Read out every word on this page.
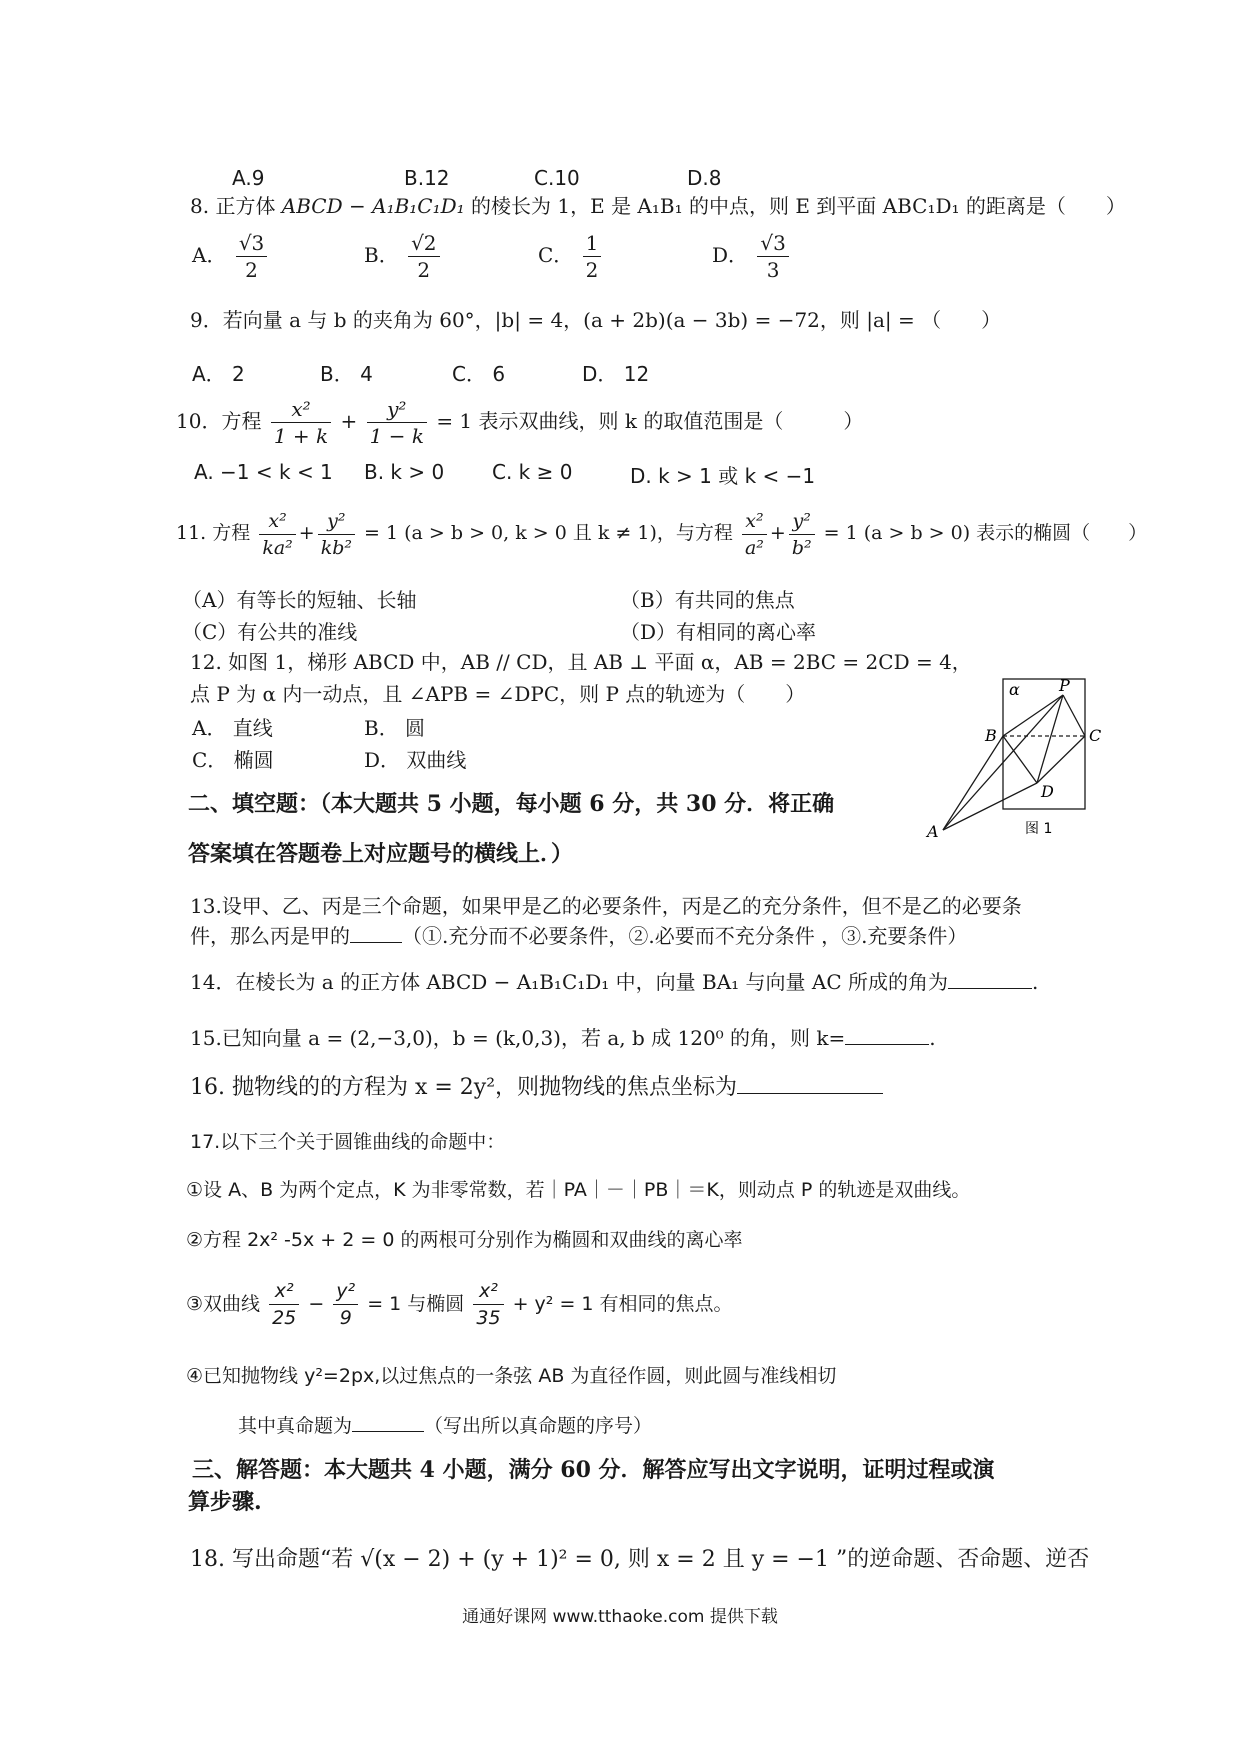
A.9	B.12	C.10	D.8
8. 正方体 ABCD − A₁B₁C₁D₁ 的棱长为 1，E 是 A₁B₁ 的中点，则 E 到平面 ABC₁D₁ 的距离是（　　）
A． $\frac{√3}{2}$	B． $\frac{√2}{2}$	C． $\frac{1}{2}$	D． $\frac{√3}{3}$
9．若向量 a 与 b 的夹角为 60°，|b| = 4，(a + 2b)(a − 3b) = −72，则 |a| = （　　）
A． 2	B． 4	C． 6	D． 12
10．方程 $\frac{\text{x²}}{1 + k} + \frac{\text{y²}}{1 - k} = 1$ 表示双曲线，则 k 的取值范围是（　　　）
A. −1 < k < 1 B. k > 0 C. k ≥ 0	D. k > 1 或 k < −1
11. 方程 $\frac{\text{x²}}{\text{ka²}} + \frac{\text{y²}}{\text{kb²}} = 1$ (a > b > 0, k > 0 且 k ≠ 1)，与方程 $\frac{\text{x²}}{\text{a²}} + \frac{\text{y²}}{\text{b²}} = 1$ (a > b > 0) 表示的椭圆（　　）
（A）有等长的短轴、长轴	（B）有共同的焦点
（C）有公共的准线	（D）有相同的离心率
12. 如图 1，梯形 ABCD 中，AB // CD，且 AB ⊥ 平面 α，AB = 2BC = 2CD = 4，
点 P 为 α 内一动点，且 ∠APB = ∠DPC，则 P 点的轨迹为（　　）
A． 直线	B． 圆
C． 椭圆	D． 双曲线
α P
B	C
D
A	图 1
二、填空题：（本大题共 5 小题，每小题 6 分，共 30 分．将正确
答案填在答题卷上对应题号的横线上．）
13.设甲、乙、丙是三个命题，如果甲是乙的必要条件，丙是乙的充分条件，但不是乙的必要条
件，那么丙是甲的	（①.充分而不必要条件，②.必要而不充分条件 ，③.充要条件）
14．在棱长为 a 的正方体 ABCD − A₁B₁C₁D₁ 中，向量 BA₁ 与向量 AC 所成的角为	.
15.已知向量 a = (2,−3,0)，b = (k,0,3)，若 a, b 成 120⁰ 的角，则 k=	.
16. 抛物线的的方程为 x = 2y²，则抛物线的焦点坐标为
17.以下三个关于圆锥曲线的命题中：
①设 A、B 为两个定点，K 为非零常数，若｜PA｜－｜PB｜＝K，则动点 P 的轨迹是双曲线。
②方程 2x² -5x + 2 = 0 的两根可分别作为椭圆和双曲线的离心率
③双曲线 $\frac{\text{x²}}{25} - \frac{\text{y²}}{9} = 1$ 与椭圆 $\frac{\text{x²}}{35} + y^2 = 1$ 有相同的焦点。
④已知抛物线 y²=2px,以过焦点的一条弦 AB 为直径作圆，则此圆与准线相切
其中真命题为	（写出所以真命题的序号）
三、解答题：本大题共 4 小题，满分 60 分．解答应写出文字说明，证明过程或演
算步骤.
18. 写出命题“若 √(x − 2) + (y + 1)² = 0, 则 x = 2 且 y = −1 ”的逆命题、否命题、逆否
通通好课网 www.tthaoke.com 提供下载
